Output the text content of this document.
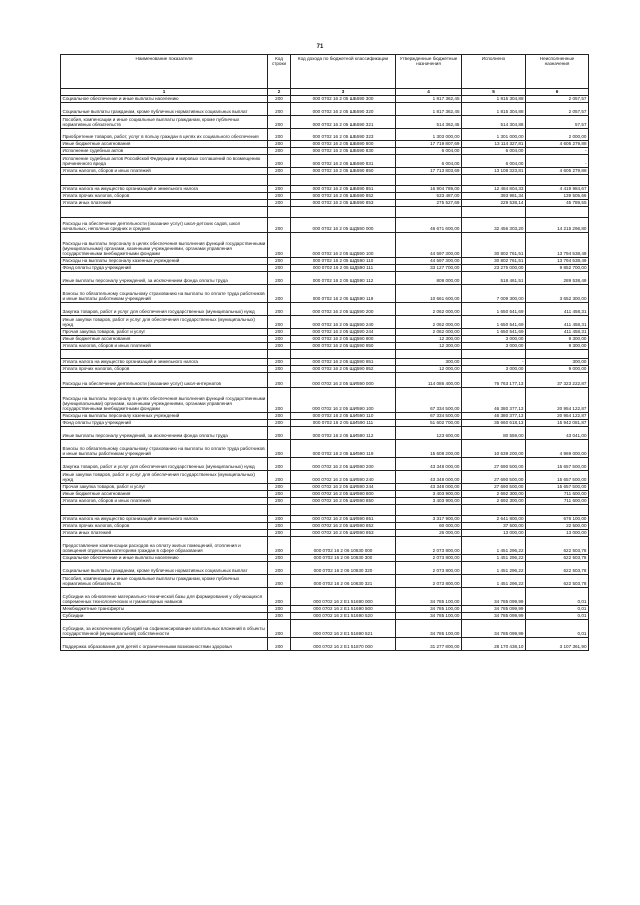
71
Наименование показателя	Код строки	Код дохода по бюджетной классификации	Утвержденные бюджетные назначения	Исполнено	Неисполненные назначения
1	2	3	4	5	6
Социальное обеспечение и иные выплаты населению	200	000 0702 16 2 05 ШБ590 300	1 817 362,45	1 815 304,88	2 057,57
Социальные выплаты гражданам, кроме публичных нормативных социальных выплат	200	000 0702 16 2 05 ШБ590 320	1 817 362,45	1 815 304,88	2 057,57
Пособия, компенсации и иные социальные выплаты гражданам, кроме публичных нормативных обязательств	200	000 0702 16 2 05 ШБ590 321	514 362,45	514 304,88	57,57
Приобретение товаров, работ, услуг в пользу граждан в целях их социального обеспечения	200	000 0702 16 2 05 ШБ590 323	1 303 000,00	1 301 000,00	2 000,00
Иные бюджетные ассигнования	200	000 0702 16 2 05 ШБ590 800	17 719 807,69	13 114 327,81	4 605 279,88
Исполнение судебных актов	200	000 0702 16 2 05 ШБ590 830	6 004,00	6 004,00	-
Исполнение судебных актов Российской Федерации и мировых соглашений по возмещению причиненного вреда	200	000 0702 16 2 05 ШБ590 831	6 004,00	6 004,00	-
Уплата налогов, сборов и иных платежей	200	000 0702 16 2 05 ШБ590 850	17 713 803,69	13 108 323,81	4 605 279,88

Уплата налога на имущество организаций и земельного налога	200	000 0702 16 2 05 ШБ590 851	16 904 789,00	12 484 804,33	4 419 984,67
Уплата прочих налогов, сборов	200	000 0702 16 2 05 ШБ590 852	533 487,00	393 981,34	139 505,66
Уплата иных платежей	200	000 0702 16 2 05 ШБ590 853	275 527,69	229 538,14	45 789,55

Расходы на обеспечение деятельности (оказание услуг) школ-детских садов, школ начальных, неполных средних и средних	200	000 0702 16 2 05 ШД590 000	46 671 600,00	32 456 303,20	14 215 296,80
Расходы на выплаты персоналу в целях обеспечения выполнения функций государственными (муниципальными) органами, казенными учреждениями, органами управления государственными внебюджетными фондами	200	000 0702 16 2 05 ШД590 100	44 597 300,00	30 802 761,51	13 794 538,49
Расходы на выплаты персоналу казенных учреждений	200	000 0702 16 2 05 ШД590 110	44 597 300,00	30 802 761,51	13 794 538,49
Фонд оплаты труда учреждений	200	000 0702 16 2 05 ШД590 111	33 127 700,00	23 275 000,00	9 852 700,00
Иные выплаты персоналу учреждений, за исключением фонда оплаты труда	200	000 0702 16 2 05 ШД590 112	808 000,00	518 461,51	289 538,49
Взносы по обязательному социальному страхованию на выплаты по оплате труда работников и иные выплаты работникам учреждений	200	000 0702 16 2 05 ШД590 119	10 661 600,00	7 009 300,00	3 652 300,00
Закупка товаров, работ и услуг для обеспечения государственных (муниципальных) нужд	200	000 0702 16 2 05 ШД590 200	2 062 000,00	1 650 541,69	411 458,31
Иные закупки товаров, работ и услуг для обеспечения государственных (муниципальных) нужд	200	000 0702 16 2 05 ШД590 240	2 062 000,00	1 650 541,69	411 458,31
Прочая закупка товаров, работ и услуг	200	000 0702 16 2 05 ШД590 244	2 062 000,00	1 650 541,69	411 458,31
Иные бюджетные ассигнования	200	000 0702 16 2 05 ШД590 800	12 300,00	3 000,00	9 300,00
Уплата налогов, сборов и иных платежей	200	000 0702 16 2 05 ШД590 850	12 300,00	3 000,00	9 300,00

Уплата налога на имущество организаций и земельного налога	200	000 0702 16 2 05 ШД590 851	300,00	-	300,00
Уплата прочих налогов, сборов	200	000 0702 16 2 05 ШД590 852	12 000,00	3 000,00	9 000,00
Расходы на обеспечение деятельности (оказание услуг) школ-интернатов	200	000 0702 16 2 05 ШИ590 000	114 086 400,00	76 763 177,13	37 323 222,87
Расходы на выплаты персоналу в целях обеспечения выполнения функций государственными (муниципальными) органами, казенными учреждениями, органами управления государственными внебюджетными фондами	200	000 0702 16 2 05 ШИ590 100	67 334 500,00	46 380 377,13	20 954 122,87
Расходы на выплаты персоналу казенных учреждений	200	000 0702 16 2 05 ШИ590 110	67 334 500,00	46 380 377,13	20 954 122,87
Фонд оплаты труда учреждений	200	000 0702 16 2 05 ШИ590 111	51 602 700,00	35 660 618,13	15 942 081,87
Иные выплаты персоналу учреждений, за исключением фонда оплаты труда	200	000 0702 16 2 05 ШИ590 112	123 600,00	80 559,00	43 041,00
Взносы по обязательному социальному страхованию на выплаты по оплате труда работников и иные выплаты работникам учреждений	200	000 0702 16 2 05 ШИ590 119	15 608 200,00	10 639 200,00	4 969 000,00
Закупка товаров, работ и услуг для обеспечения государственных (муниципальных) нужд	200	000 0702 16 2 05 ШИ590 200	43 348 000,00	27 690 500,00	15 657 500,00
Иные закупки товаров, работ и услуг для обеспечения государственных (муниципальных) нужд	200	000 0702 16 2 05 ШИ590 240	43 348 000,00	27 690 500,00	15 657 500,00
Прочая закупка товаров, работ и услуг	200	000 0702 16 2 05 ШИ590 244	43 348 000,00	27 690 500,00	15 657 500,00
Иные бюджетные ассигнования	200	000 0702 16 2 05 ШИ590 800	3 403 900,00	2 692 300,00	711 600,00
Уплата налогов, сборов и иных платежей	200	000 0702 16 2 05 ШИ590 850	3 403 900,00	2 692 300,00	711 600,00

Уплата налога на имущество организаций и земельного налога	200	000 0702 16 2 05 ШИ590 851	3 317 900,00	2 641 800,00	676 100,00
Уплата прочих налогов, сборов	200	000 0702 16 2 05 ШИ590 852	60 000,00	37 500,00	22 500,00
Уплата иных платежей	200	000 0702 16 2 05 ШИ590 853	26 000,00	13 000,00	13 000,00
Предоставление компенсации расходов на оплату жилых помещений, отопления и освещения отдельным категориям граждан в сфере образования	200	000 0702 16 2 06 10630 000	2 073 800,00	1 451 296,22	622 503,78
Социальное обеспечение и иные выплаты населению	200	000 0702 16 2 06 10630 300	2 073 800,00	1 451 296,22	622 503,78
Социальные выплаты гражданам, кроме публичных нормативных социальных выплат	200	000 0702 16 2 06 10630 320	2 073 800,00	1 451 296,22	622 503,78
Пособия, компенсации и иные социальные выплаты гражданам, кроме публичных нормативных обязательств	200	000 0702 16 2 06 10630 321	2 073 800,00	1 451 296,22	622 503,78
Субсидии на обновление материально-технической базы для формирования у обучающихся современных технологических и гуманитарных навыков	200	000 0702 16 2 E1 51690 000	34 785 100,00	34 785 099,99	0,01
Межбюджетные трансферты	200	000 0702 16 2 E1 51690 500	34 785 100,00	34 785 099,99	0,01
Субсидии	200	000 0702 16 2 E1 51690 520	34 785 100,00	34 785 099,99	0,01
Субсидии, за исключением субсидий на софинансирование капитальных вложений в объекты государственной (муниципальной) собственности	200	000 0702 16 2 E1 51690 521	34 785 100,00	34 785 099,99	0,01
Поддержка образования для детей с ограниченными возможностями здоровья	200	000 0702 16 2 E1 51870 000	31 277 800,00	28 170 438,10	3 107 361,90
